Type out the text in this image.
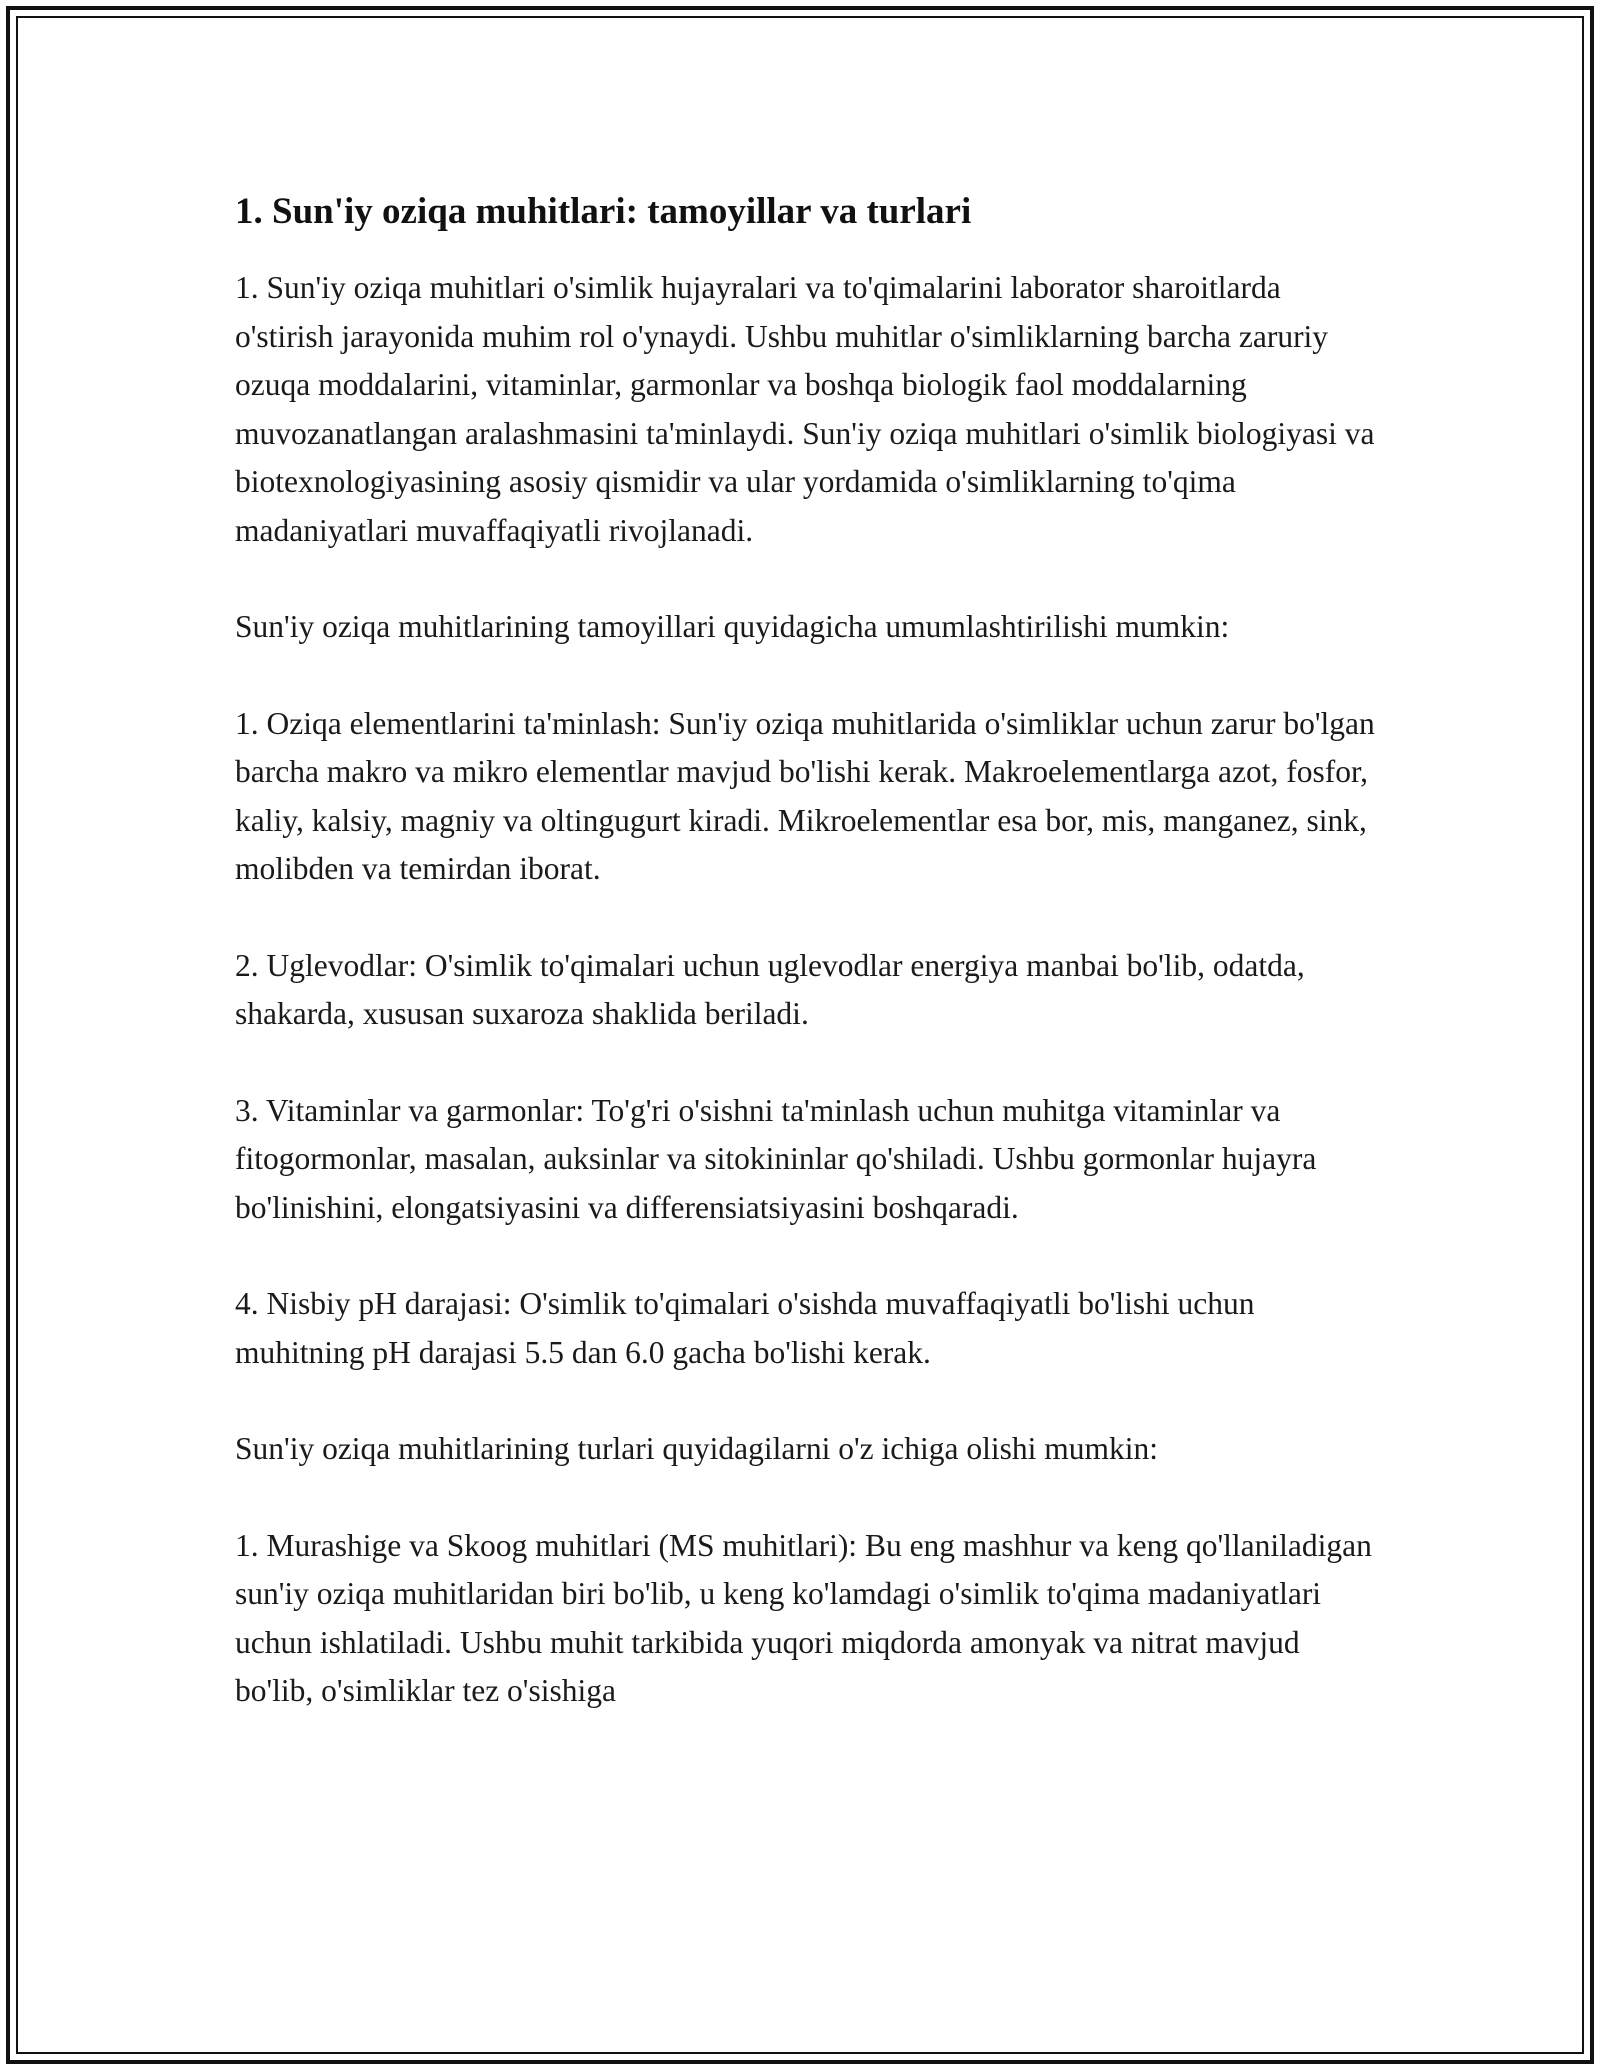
1. Sun'iy oziqa muhitlari: tamoyillar va turlari

1. Sun'iy oziqa muhitlari o'simlik hujayralari va to'qimalarini laborator sharoitlarda o'stirish jarayonida muhim rol o'ynaydi. Ushbu muhitlar o'simliklarning barcha zaruriy ozuqa moddalarini, vitaminlar, garmonlar va boshqa biologik faol moddalarning muvozanatlangan aralashmasini ta'minlaydi. Sun'iy oziqa muhitlari o'simlik biologiyasi va biotexnologiyasining asosiy qismidir va ular yordamida o'simliklarning to'qima madaniyatlari muvaffaqiyatli rivojlanadi.

Sun'iy oziqa muhitlarining tamoyillari quyidagicha umumlashtirilishi mumkin:

1. Oziqa elementlarini ta'minlash: Sun'iy oziqa muhitlarida o'simliklar uchun zarur bo'lgan barcha makro va mikro elementlar mavjud bo'lishi kerak. Makroelementlarga azot, fosfor, kaliy, kalsiy, magniy va oltingugurt kiradi. Mikroelementlar esa bor, mis, manganez, sink, molibden va temirdan iborat.

2. Uglevodlar: O'simlik to'qimalari uchun uglevodlar energiya manbai bo'lib, odatda, shakarda, xususan suxaroza shaklida beriladi.

3. Vitaminlar va garmonlar: To'g'ri o'sishni ta'minlash uchun muhitga vitaminlar va fitogormonlar, masalan, auksinlar va sitokininlar qo'shiladi. Ushbu gormonlar hujayra bo'linishini, elongatsiyasini va differensiatsiyasini boshqaradi.

4. Nisbiy pH darajasi: O'simlik to'qimalari o'sishda muvaffaqiyatli bo'lishi uchun muhitning pH darajasi 5.5 dan 6.0 gacha bo'lishi kerak.

Sun'iy oziqa muhitlarining turlari quyidagilarni o'z ichiga olishi mumkin:

1. Murashige va Skoog muhitlari (MS muhitlari): Bu eng mashhur va keng qo'llaniladigan sun'iy oziqa muhitlaridan biri bo'lib, u keng ko'lamdagi o'simlik to'qima madaniyatlari uchun ishlatiladi. Ushbu muhit tarkibida yuqori miqdorda amonyak va nitrat mavjud bo'lib, o'simliklar tez o'sishiga
